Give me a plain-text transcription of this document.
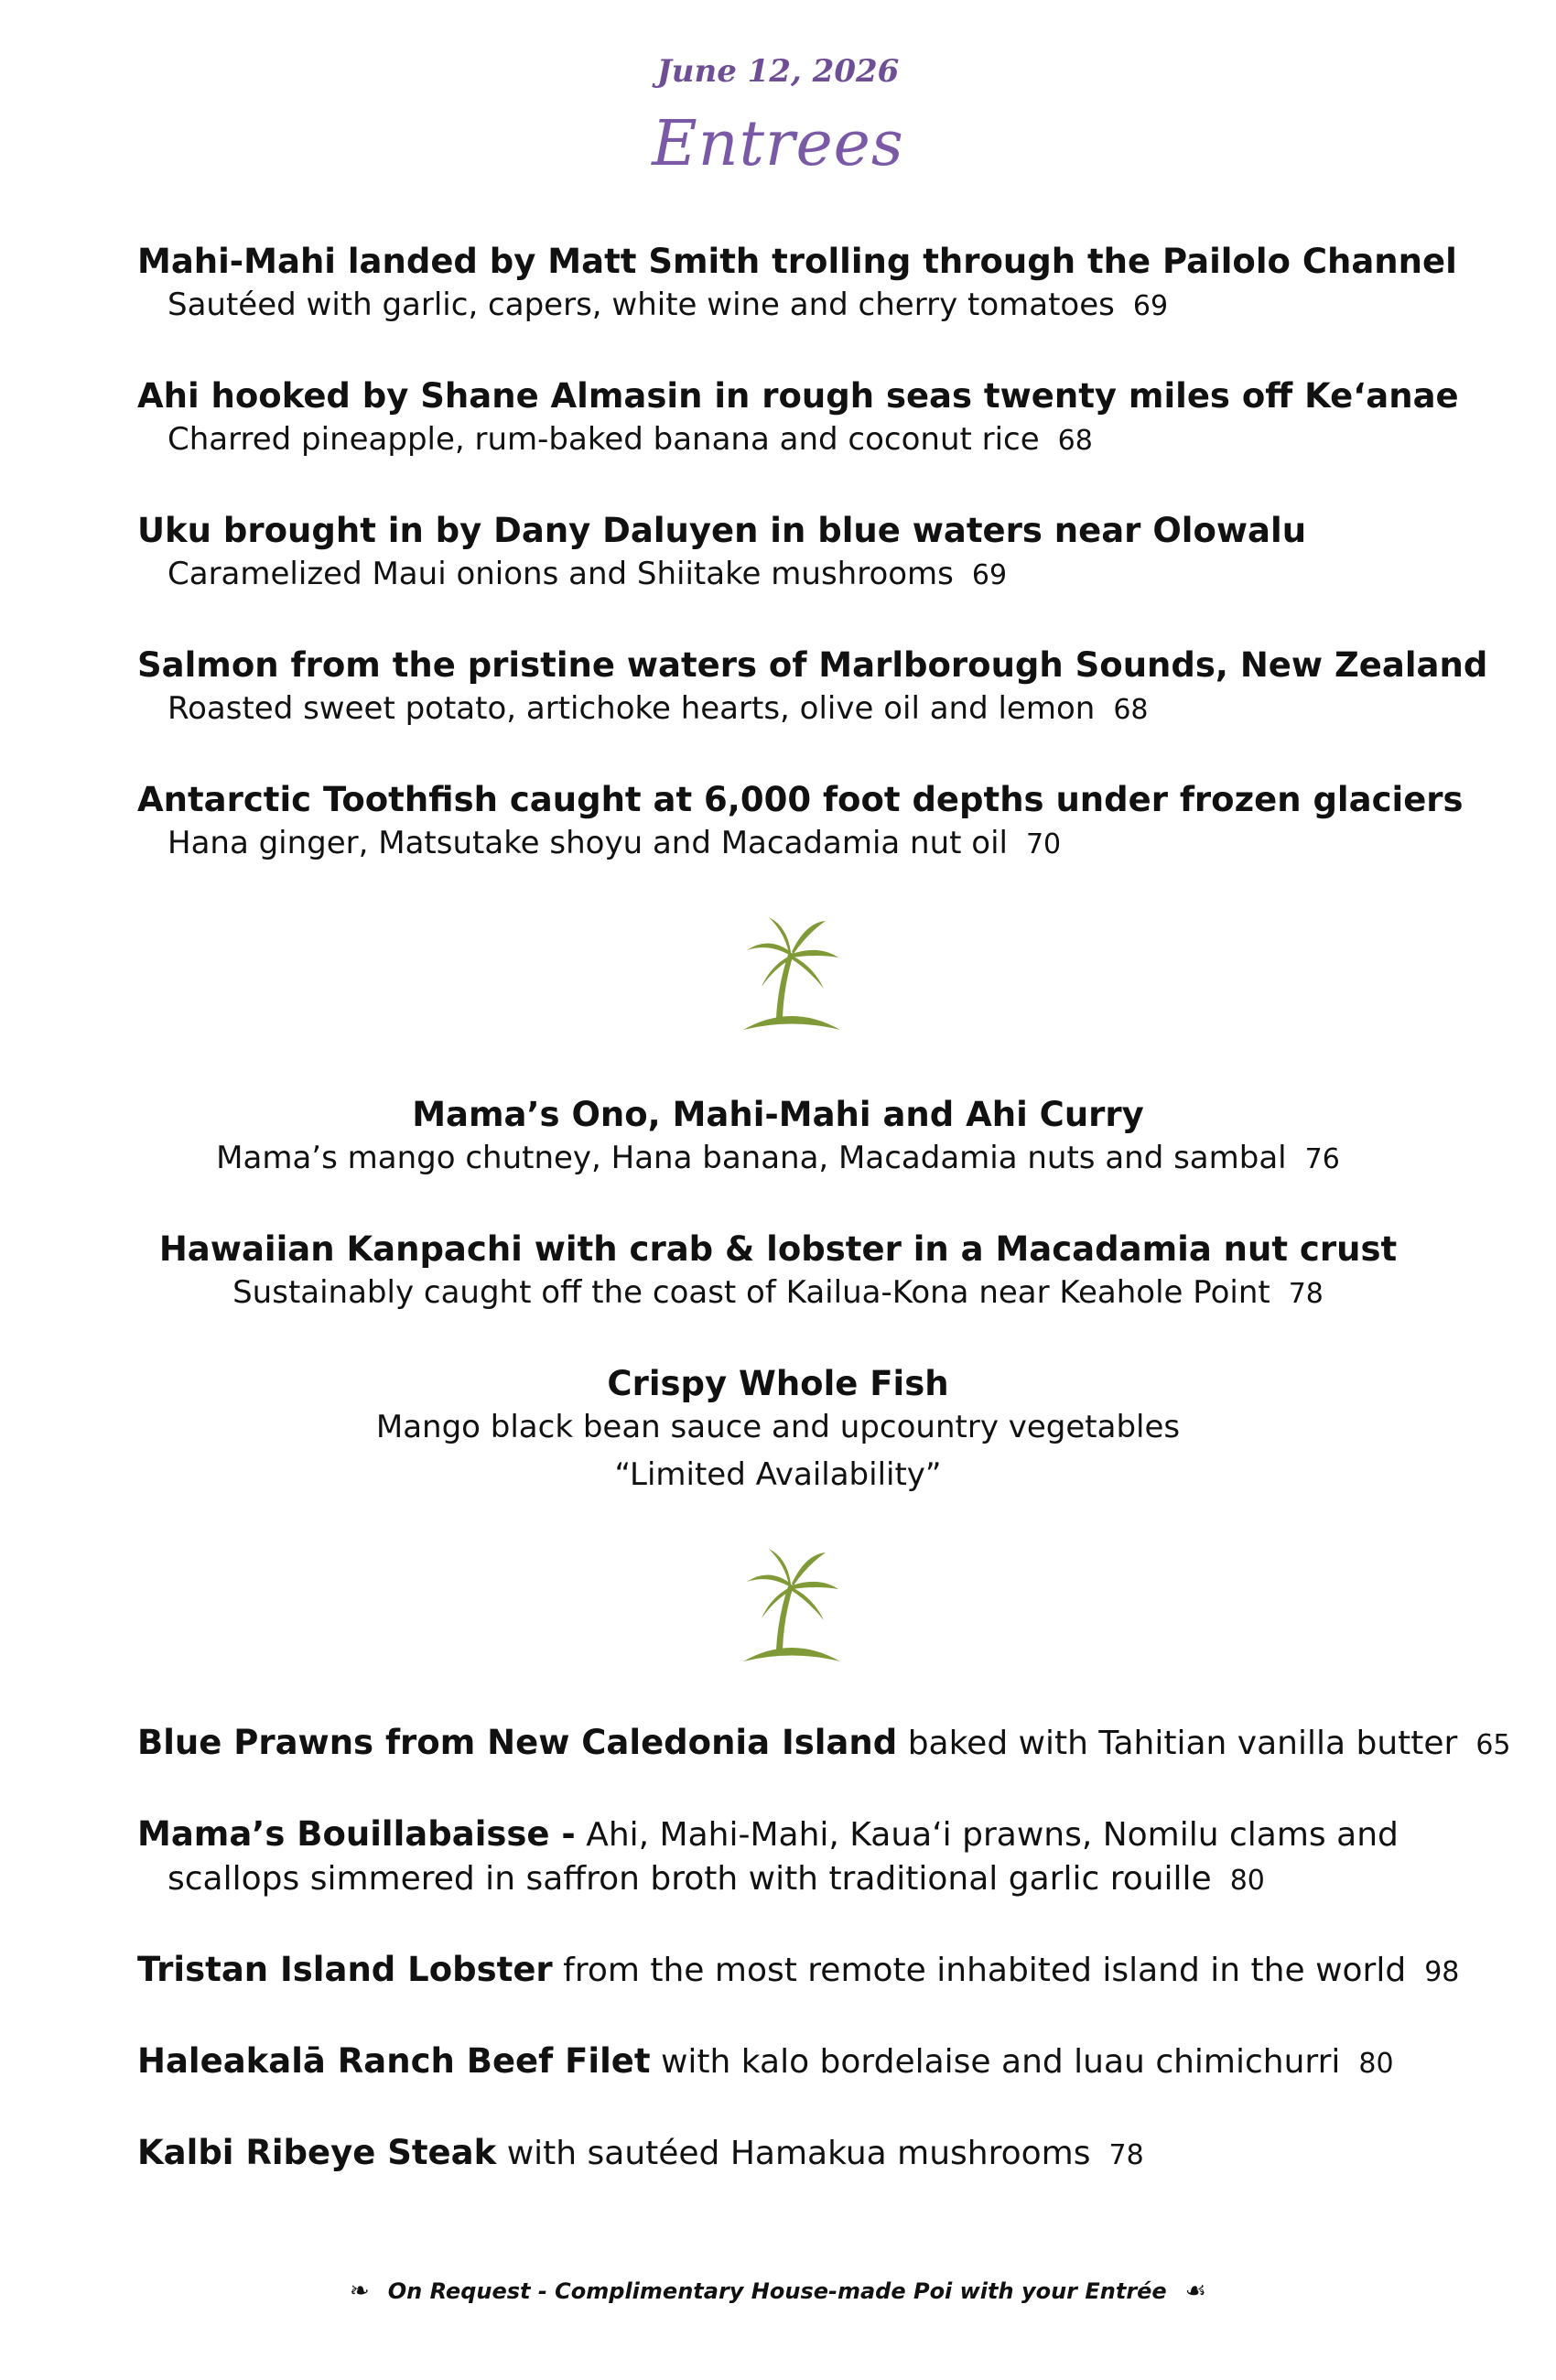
June 12, 2026
Entrees
Mahi-Mahi landed by Matt Smith trolling through the Pailolo Channel
Sautéed with garlic, capers, white wine and cherry tomatoes 69
Ahi hooked by Shane Almasin in rough seas twenty miles off Ke‘anae
Charred pineapple, rum-baked banana and coconut rice 68
Uku brought in by Dany Daluyen in blue waters near Olowalu
Caramelized Maui onions and Shiitake mushrooms 69
Salmon from the pristine waters of Marlborough Sounds, New Zealand
Roasted sweet potato, artichoke hearts, olive oil and lemon 68
Antarctic Toothfish caught at 6,000 foot depths under frozen glaciers
Hana ginger, Matsutake shoyu and Macadamia nut oil 70
Mama’s Ono, Mahi-Mahi and Ahi Curry
Mama’s mango chutney, Hana banana, Macadamia nuts and sambal 76
Hawaiian Kanpachi with crab & lobster in a Macadamia nut crust
Sustainably caught off the coast of Kailua-Kona near Keahole Point 78
Crispy Whole Fish
Mango black bean sauce and upcountry vegetables
“Limited Availability”
Blue Prawns from New Caledonia Island baked with Tahitian vanilla butter 65
Mama’s Bouillabaisse - Ahi, Mahi-Mahi, Kaua‘i prawns, Nomilu clams and
scallops simmered in saffron broth with traditional garlic rouille 80
Tristan Island Lobster from the most remote inhabited island in the world 98
Haleakalā Ranch Beef Filet with kalo bordelaise and luau chimichurri 80
Kalbi Ribeye Steak with sautéed Hamakua mushrooms 78
❧ On Request - Complimentary House-made Poi with your Entrée ☙
